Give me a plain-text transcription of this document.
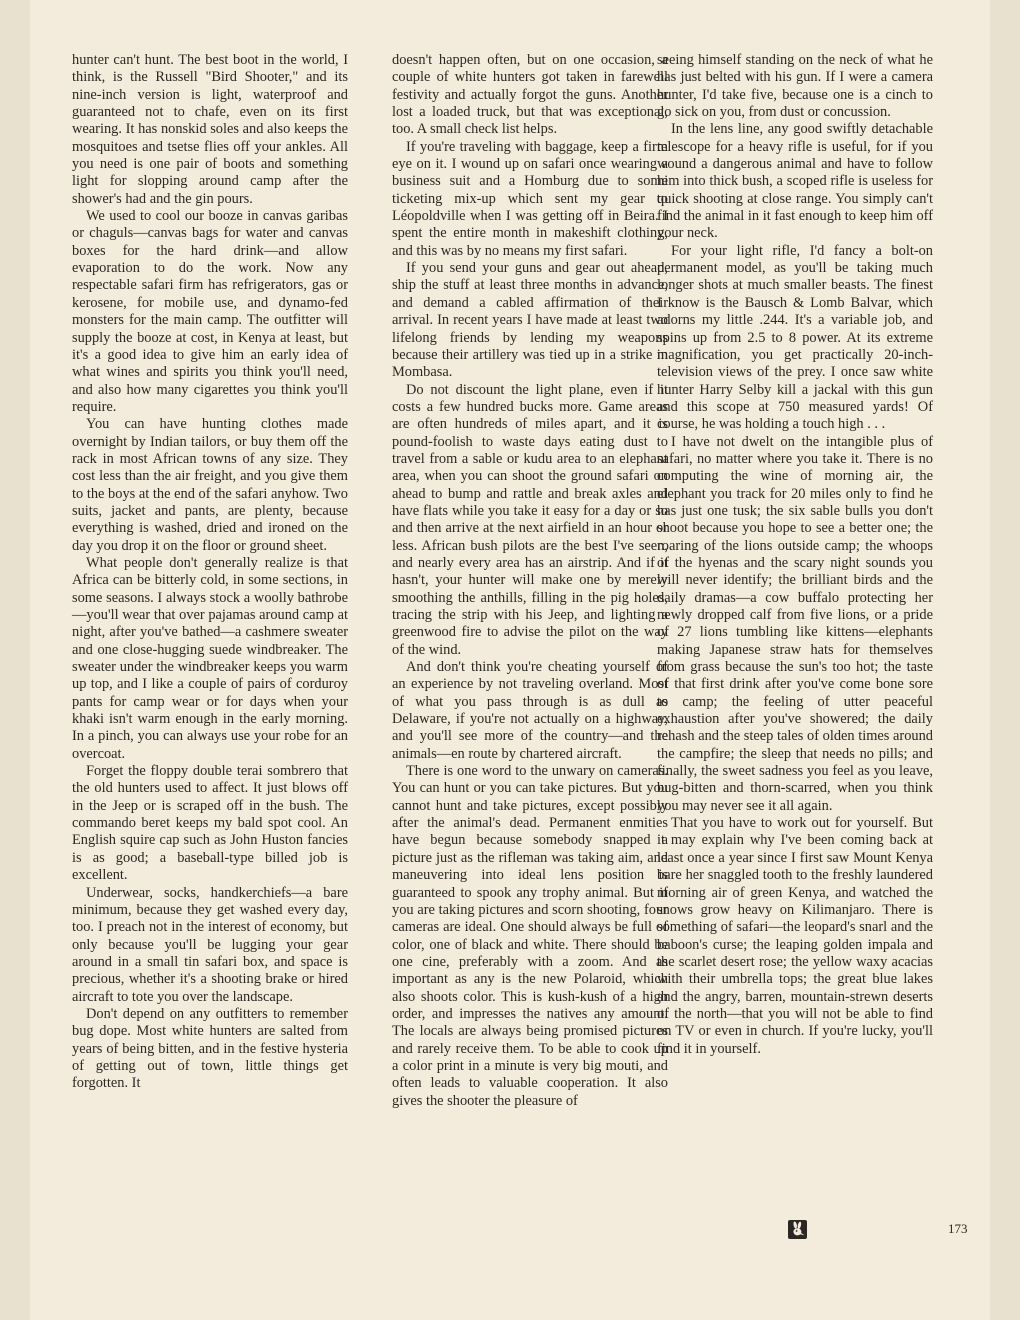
hunter can't hunt. The best boot in the world, I think, is the Russell "Bird Shooter," and its nine-inch version is light, waterproof and guaranteed not to chafe, even on its first wearing. It has nonskid soles and also keeps the mosquitoes and tsetse flies off your ankles. All you need is one pair of boots and something light for slopping around camp after the shower's had and the gin pours.

We used to cool our booze in canvas garibas or chaguls—canvas bags for water and canvas boxes for the hard drink—and allow evaporation to do the work. Now any respectable safari firm has refrigerators, gas or kerosene, for mobile use, and dynamo-fed monsters for the main camp. The outfitter will supply the booze at cost, in Kenya at least, but it's a good idea to give him an early idea of what wines and spirits you think you'll need, and also how many cigarettes you think you'll require.

You can have hunting clothes made overnight by Indian tailors, or buy them off the rack in most African towns of any size. They cost less than the air freight, and you give them to the boys at the end of the safari anyhow. Two suits, jacket and pants, are plenty, because everything is washed, dried and ironed on the day you drop it on the floor or ground sheet.

What people don't generally realize is that Africa can be bitterly cold, in some sections, in some seasons. I always stock a woolly bathrobe—you'll wear that over pajamas around camp at night, after you've bathed—a cashmere sweater and one close-hugging suede windbreaker. The sweater under the windbreaker keeps you warm up top, and I like a couple of pairs of corduroy pants for camp wear or for days when your khaki isn't warm enough in the early morning. In a pinch, you can always use your robe for an overcoat.

Forget the floppy double terai sombrero that the old hunters used to affect. It just blows off in the Jeep or is scraped off in the bush. The commando beret keeps my bald spot cool. An English squire cap such as John Huston fancies is as good; a baseball-type billed job is excellent.

Underwear, socks, handkerchiefs—a bare minimum, because they get washed every day, too. I preach not in the interest of economy, but only because you'll be lugging your gear around in a small tin safari box, and space is precious, whether it's a shooting brake or hired aircraft to tote you over the landscape.

Don't depend on any outfitters to remember bug dope. Most white hunters are salted from years of being bitten, and in the festive hysteria of getting out of town, little things get forgotten. It

doesn't happen often, but on one occasion, a couple of white hunters got taken in farewell festivity and actually forgot the guns. Another lost a loaded truck, but that was exceptional, too. A small check list helps.

If you're traveling with baggage, keep a firm eye on it. I wound up on safari once wearing a business suit and a Homburg due to some ticketing mix-up which sent my gear to Léopoldville when I was getting off in Beira. I spent the entire month in makeshift clothing, and this was by no means my first safari.

If you send your guns and gear out ahead, ship the stuff at least three months in advance, and demand a cabled affirmation of their arrival. In recent years I have made at least two lifelong friends by lending my weapons because their artillery was tied up in a strike in Mombasa.

Do not discount the light plane, even if it costs a few hundred bucks more. Game areas are often hundreds of miles apart, and it is pound-foolish to waste days eating dust to travel from a sable or kudu area to an elephant area, when you can shoot the ground safari on ahead to bump and rattle and break axles and have flats while you take it easy for a day or so and then arrive at the next airfield in an hour or less. African bush pilots are the best I've seen, and nearly every area has an airstrip. And if it hasn't, your hunter will make one by merely smoothing the anthills, filling in the pig holes, tracing the strip with his Jeep, and lighting a greenwood fire to advise the pilot on the way of the wind.

And don't think you're cheating yourself of an experience by not traveling overland. Most of what you pass through is as dull as Delaware, if you're not actually on a highway, and you'll see more of the country—and the animals—en route by chartered aircraft.

There is one word to the unwary on cameras. You can hunt or you can take pictures. But you cannot hunt and take pictures, except possibly after the animal's dead. Permanent enmities have begun because somebody snapped a picture just as the rifleman was taking aim, and maneuvering into ideal lens position is guaranteed to spook any trophy animal. But if you are taking pictures and scorn shooting, four cameras are ideal. One should always be full of color, one of black and white. There should be one cine, preferably with a zoom. And as important as any is the new Polaroid, which also shoots color. This is kush-kush of a high order, and impresses the natives any amount. The locals are always being promised pictures and rarely receive them. To be able to cook up a color print in a minute is very big mouti, and often leads to valuable cooperation. It also gives the shooter the pleasure of

seeing himself standing on the neck of what he has just belted with his gun. If I were a camera hunter, I'd take five, because one is a cinch to go sick on you, from dust or concussion.

In the lens line, any good swiftly detachable telescope for a heavy rifle is useful, for if you wound a dangerous animal and have to follow him into thick bush, a scoped rifle is useless for quick shooting at close range. You simply can't find the animal in it fast enough to keep him off your neck.

For your light rifle, I'd fancy a bolt-on permanent model, as you'll be taking much longer shots at much smaller beasts. The finest I know is the Bausch & Lomb Balvar, which adorns my little .244. It's a variable job, and spins up from 2.5 to 8 power. At its extreme magnification, you get practically 20-inch-television views of the prey. I once saw white hunter Harry Selby kill a jackal with this gun and this scope at 750 measured yards! Of course, he was holding a touch high . . .

I have not dwelt on the intangible plus of safari, no matter where you take it. There is no computing the wine of morning air, the elephant you track for 20 miles only to find he has just one tusk; the six sable bulls you don't shoot because you hope to see a better one; the roaring of the lions outside camp; the whoops of the hyenas and the scary night sounds you will never identify; the brilliant birds and the daily dramas—a cow buffalo protecting her newly dropped calf from five lions, or a pride of 27 lions tumbling like kittens—elephants making Japanese straw hats for themselves from grass because the sun's too hot; the taste of that first drink after you've come bone sore to camp; the feeling of utter peaceful exhaustion after you've showered; the daily rehash and the steep tales of olden times around the campfire; the sleep that needs no pills; and finally, the sweet sadness you feel as you leave, bug-bitten and thorn-scarred, when you think you may never see it all again.

That you have to work out for yourself. But it may explain why I've been coming back at least once a year since I first saw Mount Kenya bare her snaggled tooth to the freshly laundered morning air of green Kenya, and watched the snows grow heavy on Kilimanjaro. There is something of safari—the leopard's snarl and the baboon's curse; the leaping golden impala and the scarlet desert rose; the yellow waxy acacias with their umbrella tops; the great blue lakes and the angry, barren, mountain-strewn deserts of the north—that you will not be able to find on TV or even in church. If you're lucky, you'll find it in yourself.

173
